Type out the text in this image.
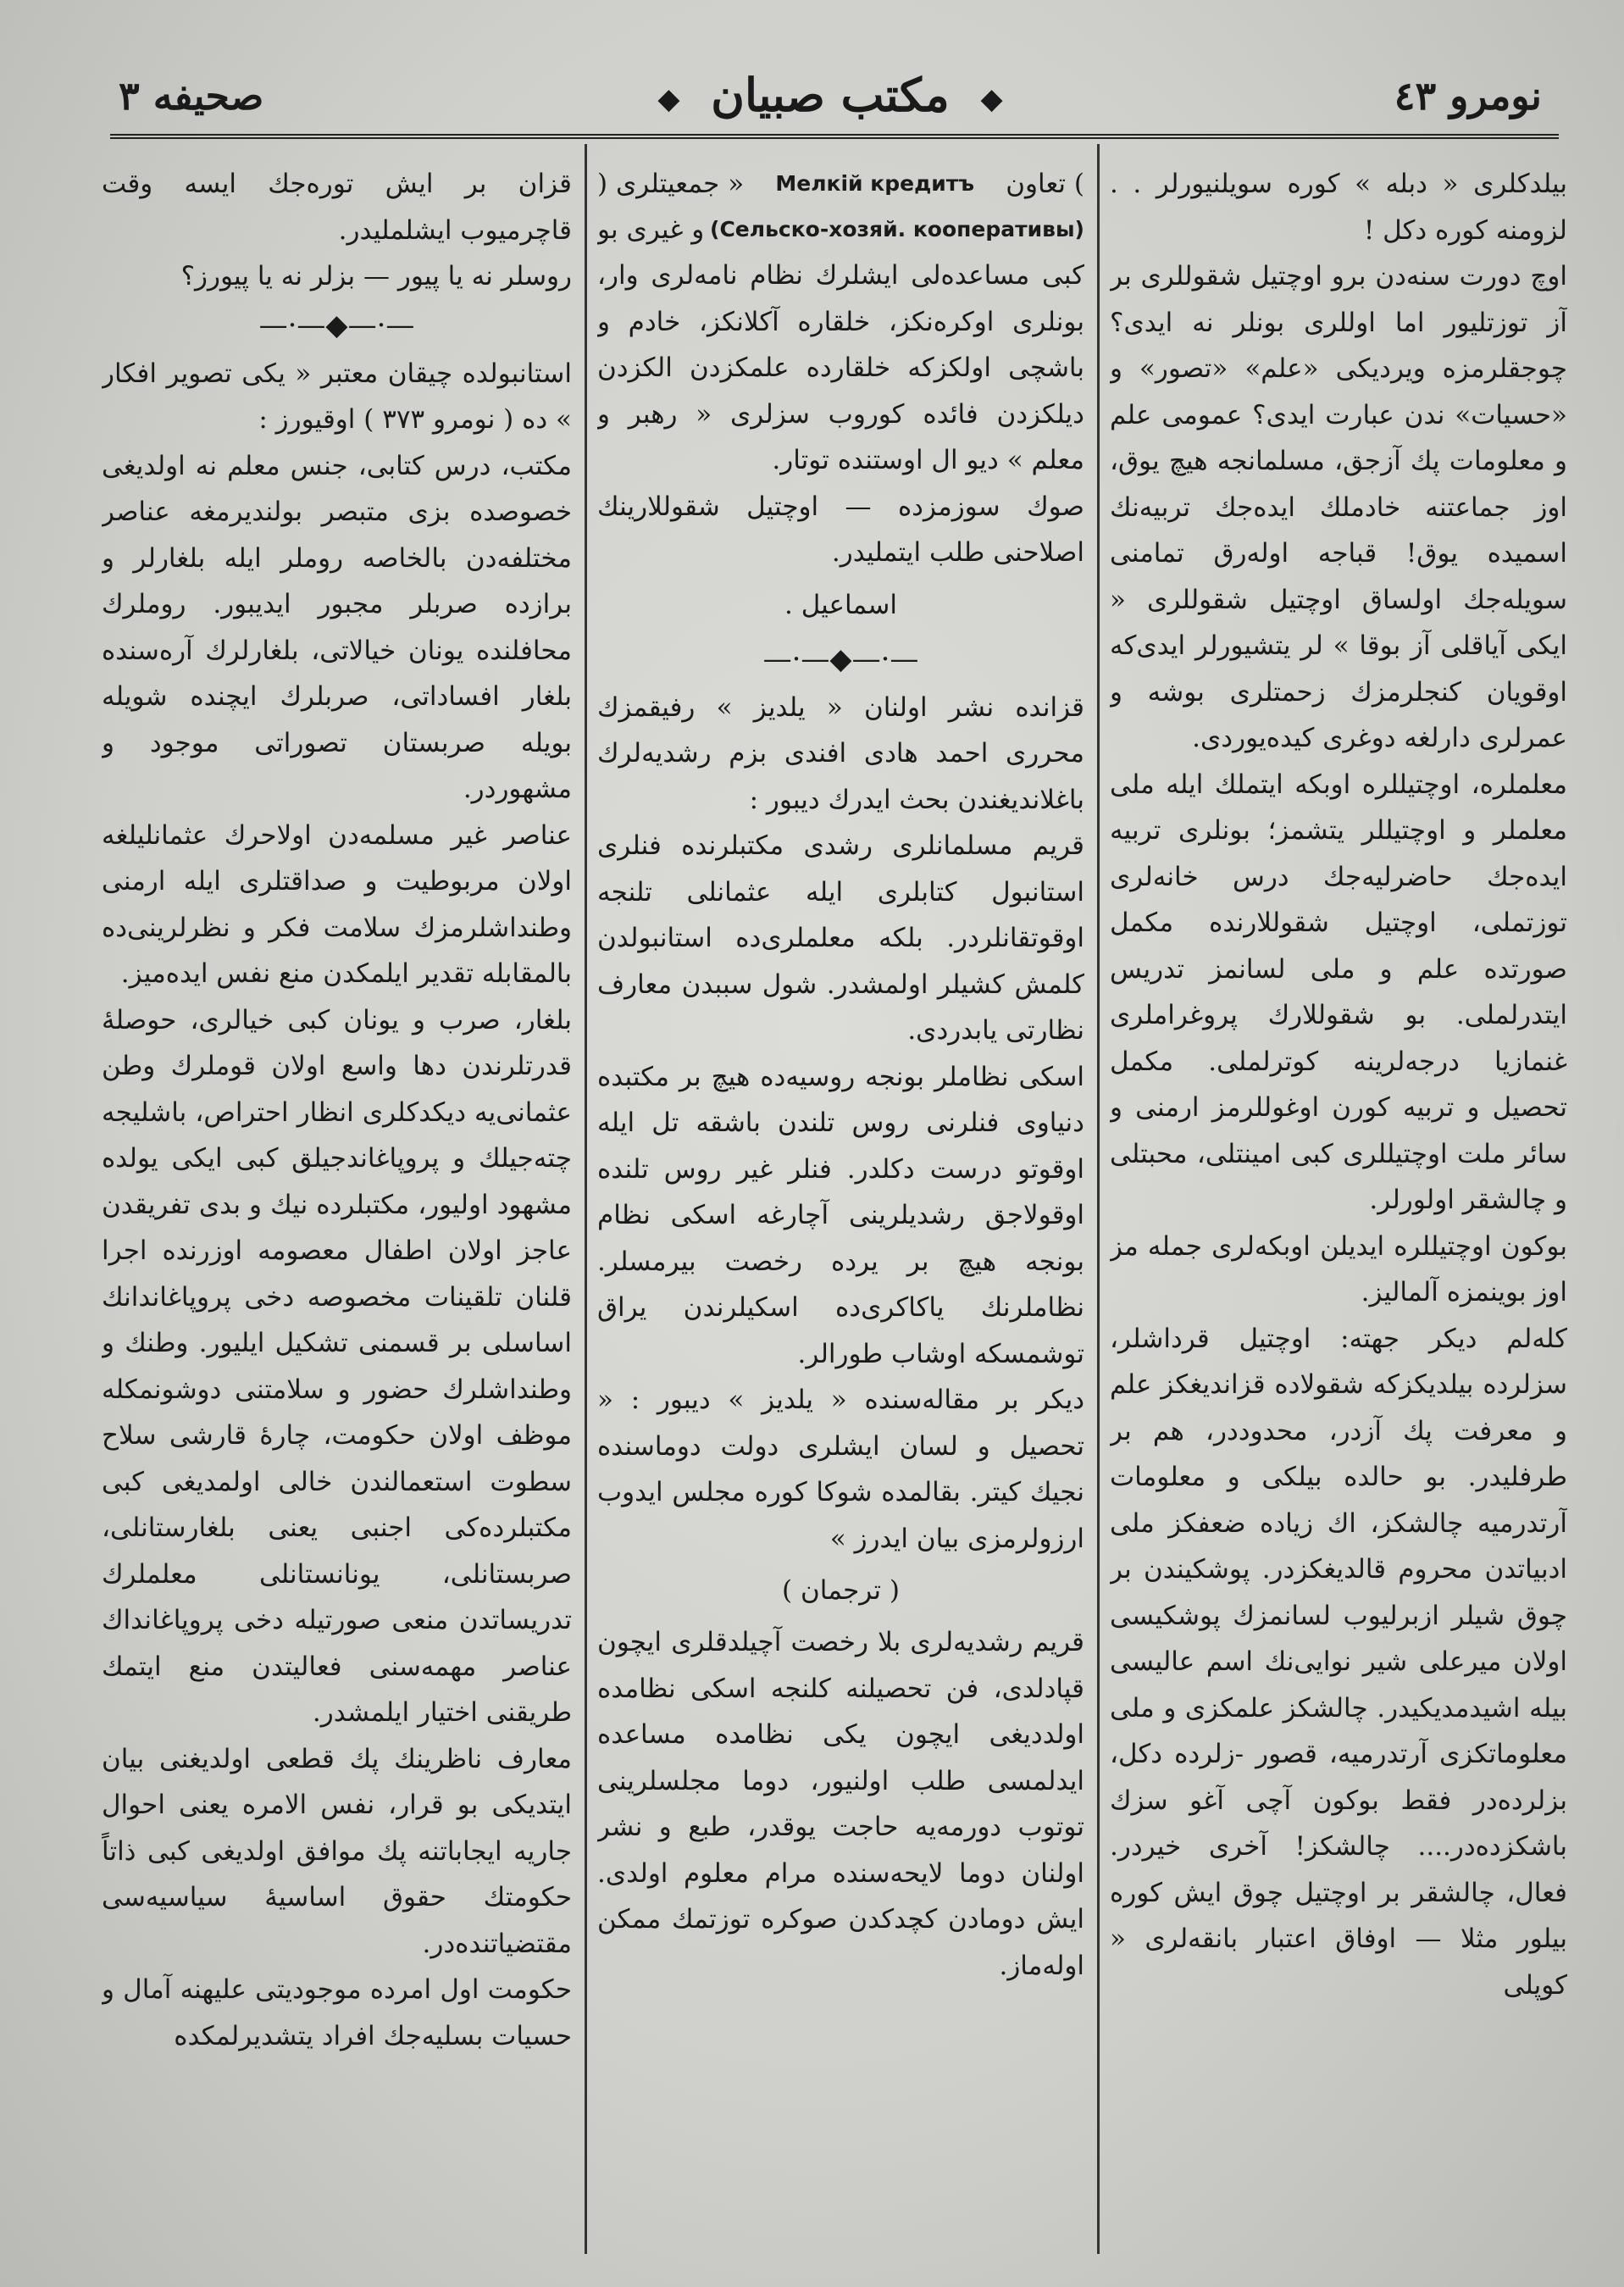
نومرو ٤٣
◆ مكتب صبيان ◆
صحيفه ٣

بيلدكلرى « دبله » كوره سويلنيورلر . . لزومنه كوره دكل !

اوچ دورت سنه‌دن برو اوچتيل شقوللرى بر آز توزتليور اما اوللرى بونلر نه ايدى؟ چوجقلرمزه ويرديكى «علم» «تصور» و «حسيات» ندن عبارت ايدى؟ عمومى علم و معلومات پك آزجق، مسلمانجه هيچ يوق، اوز جماعتنه خادملك ايده‌جك تربيه‌نك اسميده يوق! قباجه اوله‌رق تمامنى سويله‌جك اولساق اوچتيل شقوللرى « ايكى آياقلى آز بوقا » لر يتشيورلر ايدى‌كه اوقويان كنجلرمزك زحمتلرى بوشه و عمرلرى دارلغه دوغرى كيده‌يوردى.

معلملره، اوچتيللره اوبكه ايتملك ايله ملى معلملر و اوچتيللر يتشمز؛ بونلرى تربيه ايده‌جك حاضرليه‌جك درس خانه‌لرى توزتملى، اوچتيل شقوللارنده مكمل صورتده علم و ملى لسانمز تدريس ايتدرلملى. بو شقوللارك پروغراملرى غنمازيا درجه‌لرينه كوترلملى. مكمل تحصيل و تربيه كورن اوغوللرمز ارمنى و سائر ملت اوچتيللرى كبى امينتلى، محبتلى و چالشقر اولورلر.

بوكون اوچتيللره ايديلن اوبكه‌لرى جمله مز اوز بوينمزه آلماليز.

كله‌لم ديكر جهته: اوچتيل قرداشلر، سزلرده بيلديكزكه شقولاده قزانديغكز علم و معرفت پك آزدر، محدوددر، هم بر طرفليدر. بو حالده بيلكى و معلومات آرتدرميه چالشكز، اك زياده ضعفكز ملى ادبياتدن محروم قالديغكزدر. پوشكيندن بر چوق شيلر ازبرليوب لسانمزك پوشكيسى اولان ميرعلى شير نوايى‌نك اسم عاليسى بيله اشيدمديكيدر. چالشكز علمكزى و ملى معلوماتكزى آرتدرميه، قصور -زلرده دكل، بزلرده‌در فقط بوكون آچى آغو سزك باشكزده‌در.... چالشكز! آخرى خيردر. فعال، چالشقر بر اوچتيل چوق ايش كوره بيلور مثلا — اوفاق اعتبار بانقه‌لرى « كوپلى

) جمعيتلرى » Мелкій кредитъ تعاون (
و غيرى بو (Сельско-хозяй. кооперативы)

كبى مساعده‌لى ايشلرك نظام نامه‌لرى وار، بونلرى اوكره‌نكز، خلقاره آكلانكز، خادم و باشچى اولكزكه خلقارده علمكزدن الكزدن ديلكزدن فائده كوروب سزلرى « رهبر و معلم » ديو ال اوستنده توتار.

صوك سوزمزده — اوچتيل شقوللارينك اصلاحنى طلب ايتمليدر.

اسماعيل .
—·—◆—·—

قزانده نشر اولنان « يلديز » رفيقمزك محررى احمد هادى افندى بزم رشديه‌لرك باغلانديغندن بحث ايدرك ديبور :

قريم مسلمانلرى رشدى مكتبلرنده فنلرى استانبول كتابلرى ايله عثمانلى تلنجه اوقوتقانلردر. بلكه معلملرى‌ده استانبولدن كلمش كشيلر اولمشدر. شول سببدن معارف نظارتى يابدردى.

اسكى نظاملر بونجه روسيه‌ده هيچ بر مكتبده دنياوى فنلرنى روس تلندن باشقه تل ايله اوقوتو درست دكلدر. فنلر غير روس تلنده اوقولاجق رشديلرينى آچارغه اسكى نظام بونجه هيچ بر يرده رخصت بيرمسلر. نظاملرنك ياكاكرى‌ده اسكيلرندن يراق توشمسكه اوشاب طورالر.

ديكر بر مقاله‌سنده « يلديز » ديبور : « تحصيل و لسان ايشلرى دولت دوماسنده نجيك كيتر. بقالمده شوكا كوره مجلس ايدوب ارزولرمزى بيان ايدرز »

( ترجمان )

قريم رشديه‌لرى بلا رخصت آچيلدقلرى ايچون قپادلدى، فن تحصيلنه كلنجه اسكى نظامده اولدديغى ايچون يكى نظامده مساعده ايدلمسى طلب اولنيور، دوما مجلسلرينى توتوب دورمه‌يه حاجت يوقدر، طبع و نشر اولنان دوما لايحه‌سنده مرام معلوم اولدى. ايش دومادن كچدكدن صوكره توزتمك ممكن اوله‌ماز.

قزان بر ايش تورەجك ايسه وقت قاچرميوب ايشلمليدر.

روسلر نه يا پيور — بزلر نه يا پيورز؟

—·—◆—·—

استانبولده چيقان معتبر « يكى تصوير افكار » ده ( نومرو ٣٧٣ ) اوقيورز :

مكتب، درس كتابى، جنس معلم نه اولديغى خصوصده بزى متبصر بولندير‌مغه عناصر مختلفه‌دن بالخاصه روملر ايله بلغارلر و برازده صربلر مجبور ايديبور. روملرك محافلنده يونان خيالاتى، بلغارلرك آره‌سنده بلغار افساداتى، صربلرك ايچنده شويله بويله صربستان تصوراتى موجود و مشهوردر.

عناصر غير مسلمه‌دن اولاحرك عثمانليلغه اولان مربوطيت و صداقتلرى ايله ارمنى وطنداشلرمزك سلامت فكر و نظرلرينى‌ده بالمقابله تقدير ايلمكدن منع نفس ايده‌ميز.

بلغار، صرب و يونان كبى خيالرى، حوصله‌ٔ قدرتلرندن دها واسع اولان قوملرك وطن عثمانى‌يه ديكدكلرى انظار احتراص، باشليجه چته‌جيلك و پروپاغاندجيلق كبى ايكى يولده مشهود اوليور، مكتبلرده نيك و بدى تفريقدن عاجز اولان اطفال معصومه اوزرنده اجرا قلنان تلقينات مخصوصه دخى پروپاغاندانك اساسلى بر قسمنى تشكيل ايليور. وطنك و وطنداشلرك حضور و سلامتنى دوشونمكله موظف اولان حكومت، چاره‌ٔ قارشى سلاح سطوت استعمالندن خالى اولمديغى كبى مكتبلرده‌كى اجنبى يعنى بلغارستانلى، صربستانلى، يونانستانلى معلملرك تدريساتدن منعى صورتيله دخى پروپاغانداك عناصر مهمه‌سنى فعاليتدن منع ايتمك طريقنى اختيار ايلمشدر.

معارف ناظرينك پك قطعى اولديغنى بيان ايتديكى بو قرار، نفس الامره يعنى احوال جاريه ايجاباتنه پك موافق اولديغى كبى ذاتاً حكومتك حقوق اساسيه‌ٔ سياسيه‌سى مقتضياتنده‌در.

حكومت اول امرده موجوديتى عليهنه آمال و حسيات بسليه‌جك افراد يتشديرلمكده
